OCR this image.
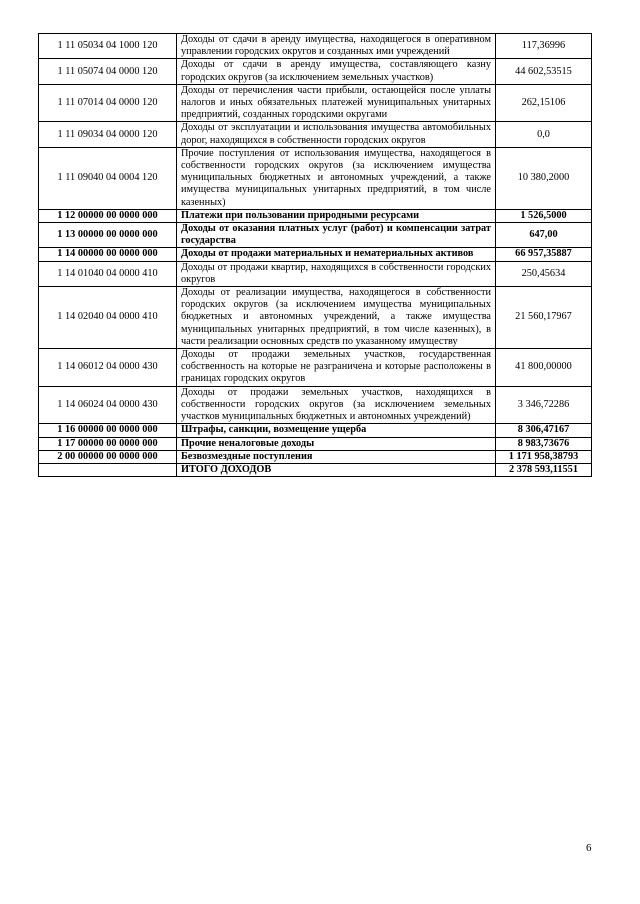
1 11 05034 04 1000 120	Доходы от сдачи в аренду имущества, находящегося в оперативном управлении городских округов и созданных ими учреждений	117,36996
1 11 05074 04 0000 120	Доходы от сдачи в аренду имущества, составляющего казну городских округов (за исключением земельных участков)	44 602,53515
1 11 07014 04 0000 120	Доходы от перечисления части прибыли, остающейся после уплаты налогов и иных обязательных платежей муниципальных унитарных предприятий, созданных городскими округами	262,15106
1 11 09034 04 0000 120	Доходы от эксплуатации и использования имущества автомобильных дорог, находящихся в собственности городских округов	0,0
1 11 09040 04 0004 120	Прочие поступления от использования имущества, находящегося в собственности городских округов (за исключением имущества муниципальных бюджетных и автономных учреждений, а также имущества муниципальных унитарных предприятий, в том числе казенных)	10 380,2000
1 12 00000 00 0000 000	Платежи при пользовании природными ресурсами	1 526,5000
1 13 00000 00 0000 000	Доходы от оказания платных услуг (работ) и компенсации затрат государства	647,00
1 14 00000 00 0000 000	Доходы от продажи материальных и нематериальных активов	66 957,35887
1 14 01040 04 0000 410	Доходы от продажи квартир, находящихся в собственности городских округов	250,45634
1 14 02040 04 0000 410	Доходы от реализации имущества, находящегося в собственности городских округов (за исключением имущества муниципальных бюджетных и автономных учреждений, а также имущества муниципальных унитарных предприятий, в том числе казенных), в части реализации основных средств по указанному имуществу	21 560,17967
1 14 06012 04 0000 430	Доходы от продажи земельных участков, государственная собственность на которые не разграничена и которые расположены в границах городских округов	41 800,00000
1 14 06024 04 0000 430	Доходы от продажи земельных участков, находящихся в собственности городских округов (за исключением земельных участков муниципальных бюджетных и автономных учреждений)	3 346,72286
1 16 00000 00 0000 000	Штрафы, санкции, возмещение ущерба	8 306,47167
1 17 00000 00 0000 000	Прочие неналоговые доходы	8 983,73676
2 00 00000 00 0000 000	Безвозмездные поступления	1 171 958,38793
	ИТОГО ДОХОДОВ	2 378 593,11551
6
